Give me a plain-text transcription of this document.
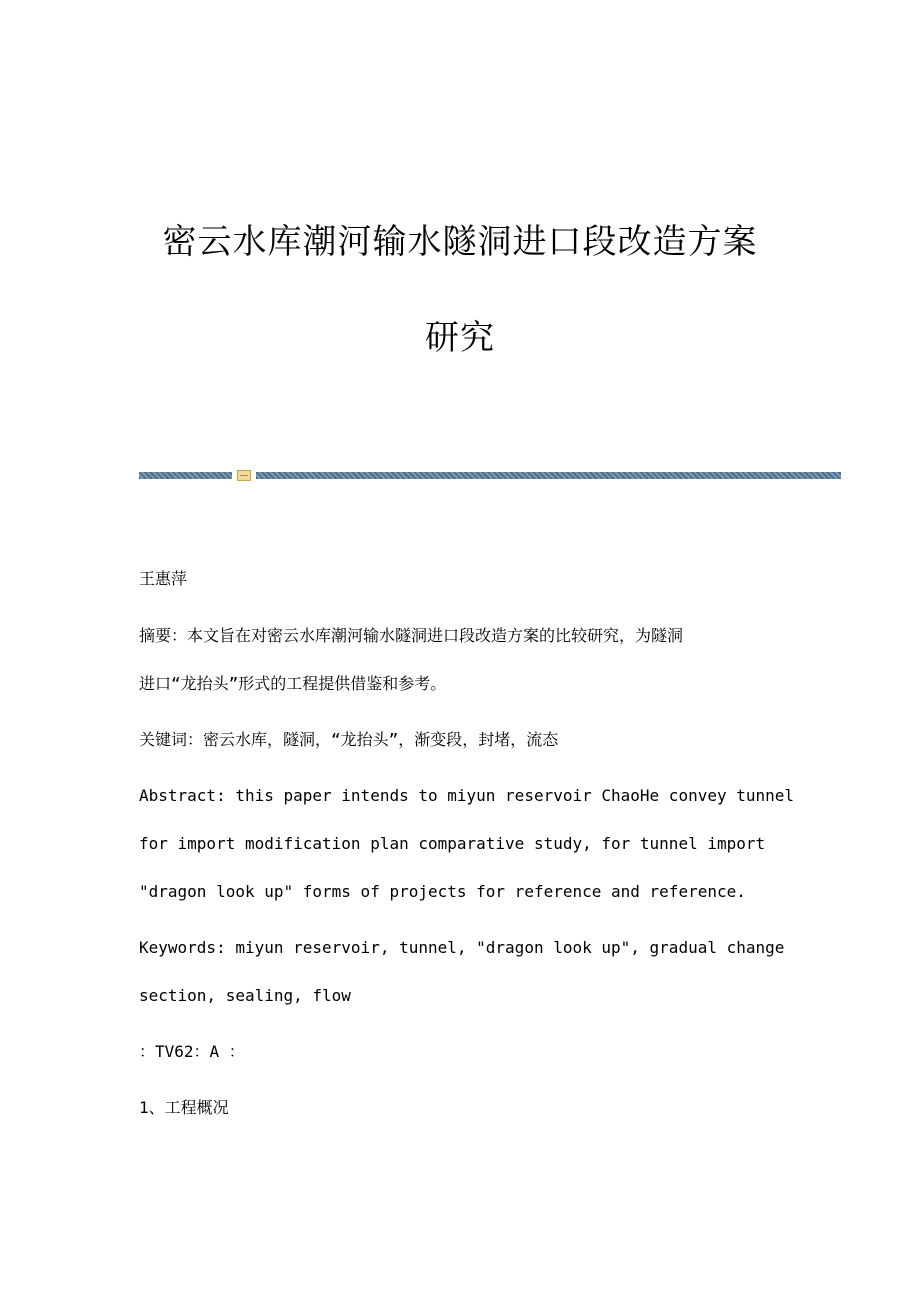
密云水库潮河输水隧洞进口段改造方案
研究
王惠萍
摘要：本文旨在对密云水库潮河输水隧洞进口段改造方案的比较研究，为隧洞
进口“龙抬头”形式的工程提供借鉴和参考。
关键词：密云水库，隧洞，“龙抬头”，渐变段，封堵，流态
Abstract: this paper intends to miyun reservoir ChaoHe convey tunnel
for import modification plan comparative study, for tunnel import
"dragon look up" forms of projects for reference and reference.
Keywords: miyun reservoir, tunnel, "dragon look up", gradual change
section, sealing, flow
：TV62：A ：
1、工程概况
